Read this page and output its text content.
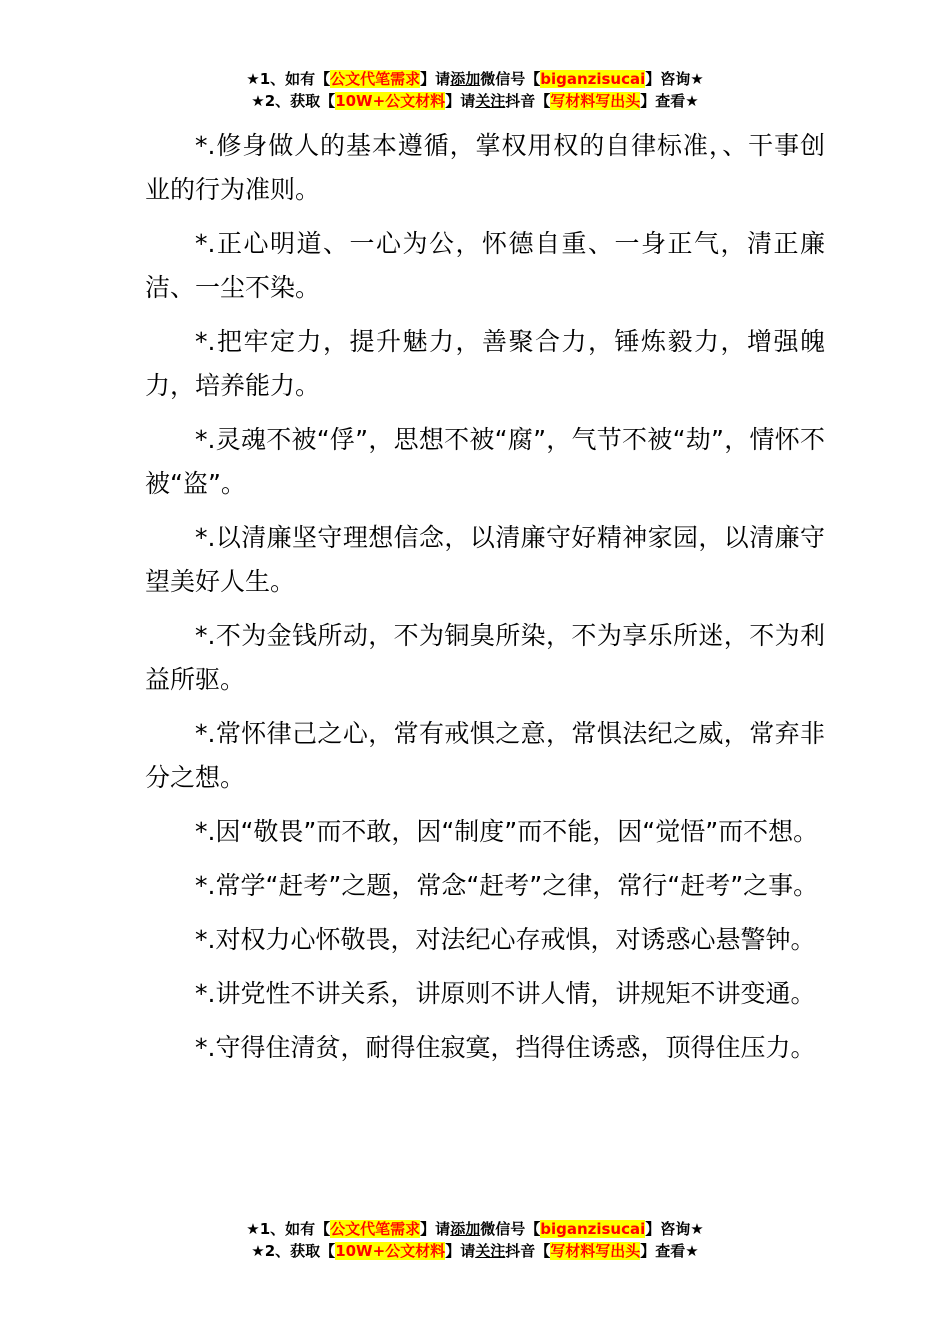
★1、如有【公文代笔需求】请添加微信号【biganzisucai】咨询★
★2、获取【10W+公文材料】请关注抖音【写材料写出头】查看★

*.修身做人的基本遵循，掌权用权的自律标准，、干事创业的行为准则。

*.正心明道、一心为公，怀德自重、一身正气，清正廉洁、一尘不染。

*.把牢定力，提升魅力，善聚合力，锤炼毅力，增强魄力，培养能力。

*.灵魂不被“俘”，思想不被“腐”，气节不被“劫”，情怀不被“盗”。

*.以清廉坚守理想信念，以清廉守好精神家园，以清廉守望美好人生。

*.不为金钱所动，不为铜臭所染，不为享乐所迷，不为利益所驱。

*.常怀律己之心，常有戒惧之意，常惧法纪之威，常弃非分之想。

*.因“敬畏”而不敢，因“制度”而不能，因“觉悟”而不想。

*.常学“赶考”之题，常念“赶考”之律，常行“赶考”之事。

*.对权力心怀敬畏，对法纪心存戒惧，对诱惑心悬警钟。

*.讲党性不讲关系，讲原则不讲人情，讲规矩不讲变通。

*.守得住清贫，耐得住寂寞，挡得住诱惑，顶得住压力。

★1、如有【公文代笔需求】请添加微信号【biganzisucai】咨询★
★2、获取【10W+公文材料】请关注抖音【写材料写出头】查看★
